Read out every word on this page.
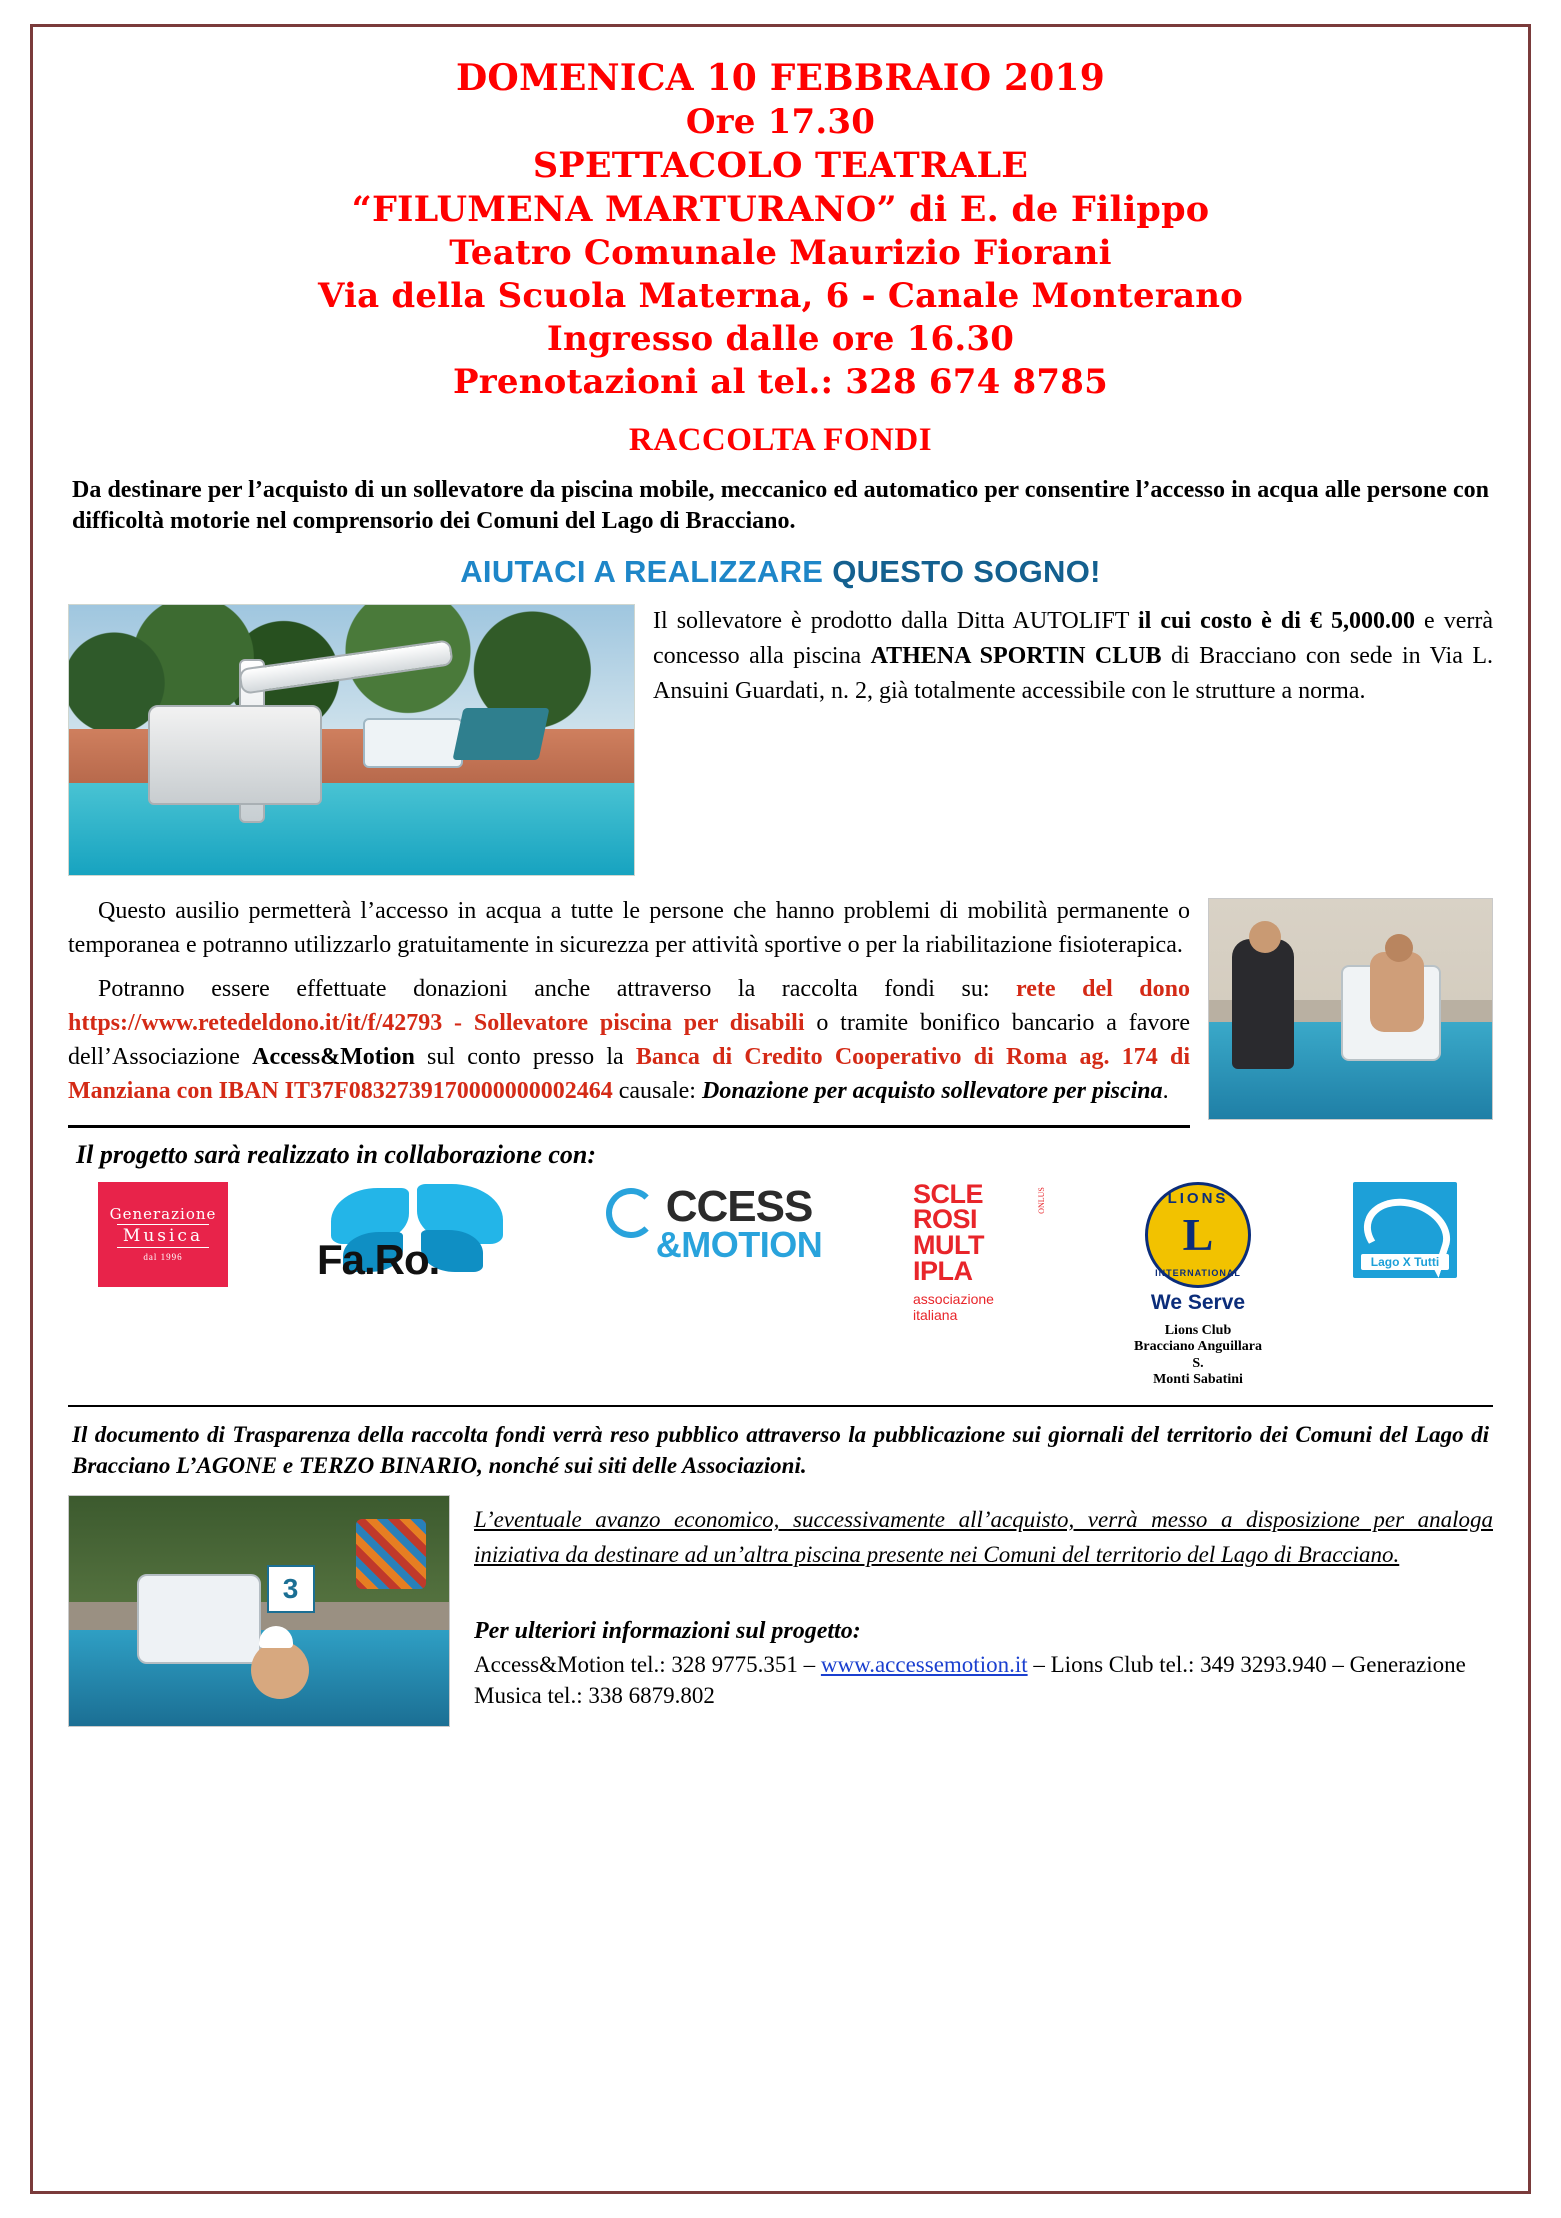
DOMENICA 10 FEBBRAIO 2019
Ore 17.30
SPETTACOLO TEATRALE
“FILUMENA MARTURANO” di E. de Filippo
Teatro Comunale Maurizio Fiorani
Via della Scuola Materna, 6 - Canale Monterano
Ingresso dalle ore 16.30
Prenotazioni al tel.: 328 674 8785
RACCOLTA FONDI
Da destinare per l’acquisto di un sollevatore da piscina mobile, meccanico ed automatico per consentire l’accesso in acqua alle persone con difficoltà motorie nel comprensorio dei Comuni del Lago di Bracciano.
AIUTACI A REALIZZARE QUESTO SOGNO!
Il sollevatore è prodotto dalla Ditta AUTOLIFT il cui costo è di € 5,000.00 e verrà concesso alla piscina ATHENA SPORTIN CLUB di Bracciano con sede in Via L. Ansuini Guardati, n. 2, già totalmente accessibile con le strutture a norma.
Questo ausilio permetterà l’accesso in acqua a tutte le persone che hanno problemi di mobilità permanente o temporanea e potranno utilizzarlo gratuitamente in sicurezza per attività sportive o per la riabilitazione fisioterapica.
Potranno essere effettuate donazioni anche attraverso la raccolta fondi su: rete del dono https://www.retedeldono.it/it/f/42793 - Sollevatore piscina per disabili o tramite bonifico bancario a favore dell’Associazione Access&Motion sul conto presso la Banca di Credito Cooperativo di Roma ag. 174 di Manziana con IBAN IT37F0832739170000000002464 causale: Donazione per acquisto sollevatore per piscina.
Il progetto sarà realizzato in collaborazione con:
Generazione
Musica
dal 1996	Fa.Ro.
CCESS
&MOTION
SCLE
ROSI
MULT
IPLA
ONLUS
associazione
italiana
LIONS
L
INTERNATIONAL
We Serve
Lions Club
Bracciano Anguillara S.
Monti Sabatini
Lago X Tutti
Il documento di Trasparenza della raccolta fondi verrà reso pubblico attraverso la pubblicazione sui giornali del territorio dei Comuni del Lago di Bracciano L’AGONE e TERZO BINARIO, nonché sui siti delle Associazioni.
3
L’eventuale avanzo economico, successivamente all’acquisto, verrà messo a disposizione per analoga iniziativa da destinare ad un’altra piscina presente nei Comuni del territorio del Lago di Bracciano.
Per ulteriori informazioni sul progetto:
Access&Motion tel.: 328 9775.351 – www.accessemotion.it – Lions Club tel.: 349 3293.940 – Generazione Musica tel.: 338 6879.802
